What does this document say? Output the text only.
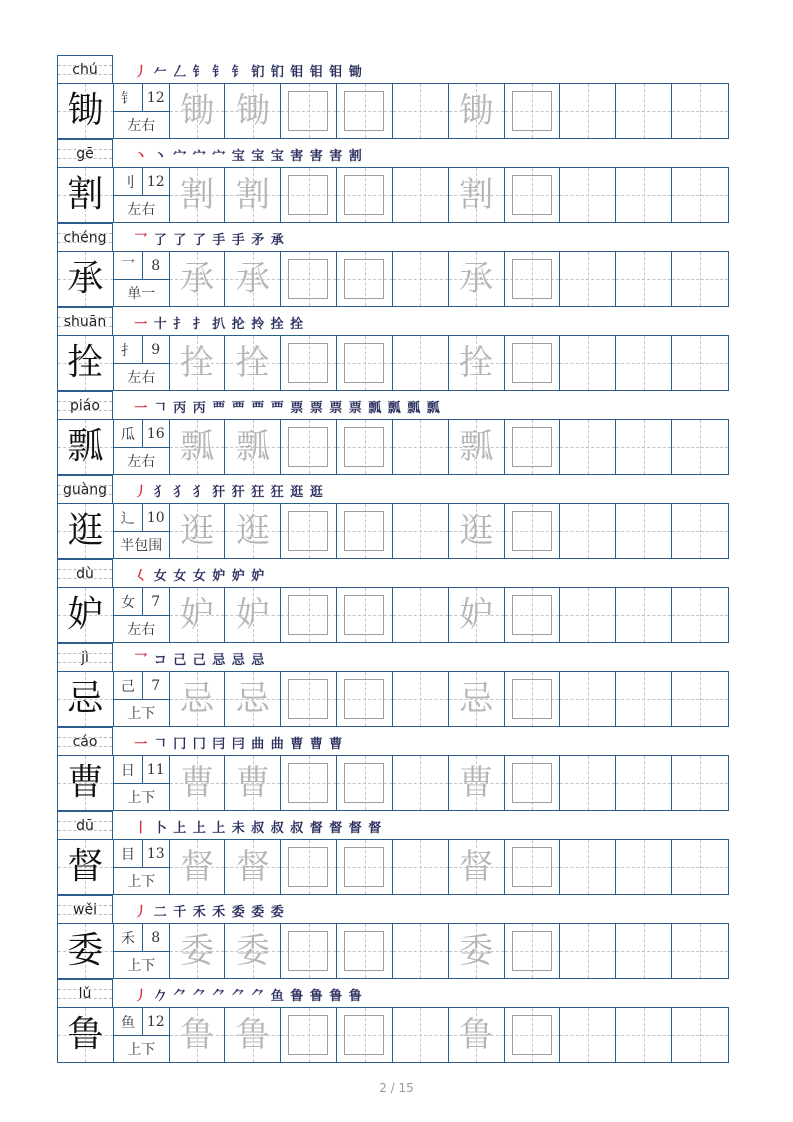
chú	丿 𠂉 𠃋 钅 钅 钅 钔 钔 钼 钼 钼 锄
锄	钅 12
左右 锄 锄	锄
gē	丶 丶 宀 宀 宀 宝 宝 宝 害 害 害 割
割	刂 12
左右 割 割	割
chéng 乛 了 了 了 手 手 矛 承
承	乛	8
单一 承 承	承
shuān 一 十 扌 扌 扒 抡 拎 拴 拴
拴	扌	9
左右 拴 拴	拴
piáo	一 𠃍 丙 丙 覀 覀 覀 覀 票 票 票 票 瓢 瓢 瓢 瓢
瓢	瓜 16
左右 瓢 瓢	瓢
guàng 丿 犭 犭 犭 犴 犴 狂 狂 逛 逛
逛	辶 10
半包围 逛 逛	逛
dù	𡿨 女 女 女 妒 妒 妒
妒	女	7
左右 妒 妒	妒
jì	乛 コ 己 己 忌 忌 忌
忌	己	7
上下 忌 忌	忌
cáo	一 𠃍 冂 冂 冃 冃 曲 曲 曹 曹 曹
曹	日 11
上下 曹 曹	曹
dū	丨 卜 上 上 上 未 叔 叔 叔 督 督 督 督
督	目 13
上下 督 督	督
wěi	丿 二 千 禾 禾 委 委 委
委	禾	8
上下 委 委	委
lǔ	丿 𠂊 ⺈ ⺈ ⺈ ⺈ ⺈ 鱼 鲁 鲁 鲁 鲁
鲁	鱼 12
上下 鲁 鲁	鲁
2 / 15
